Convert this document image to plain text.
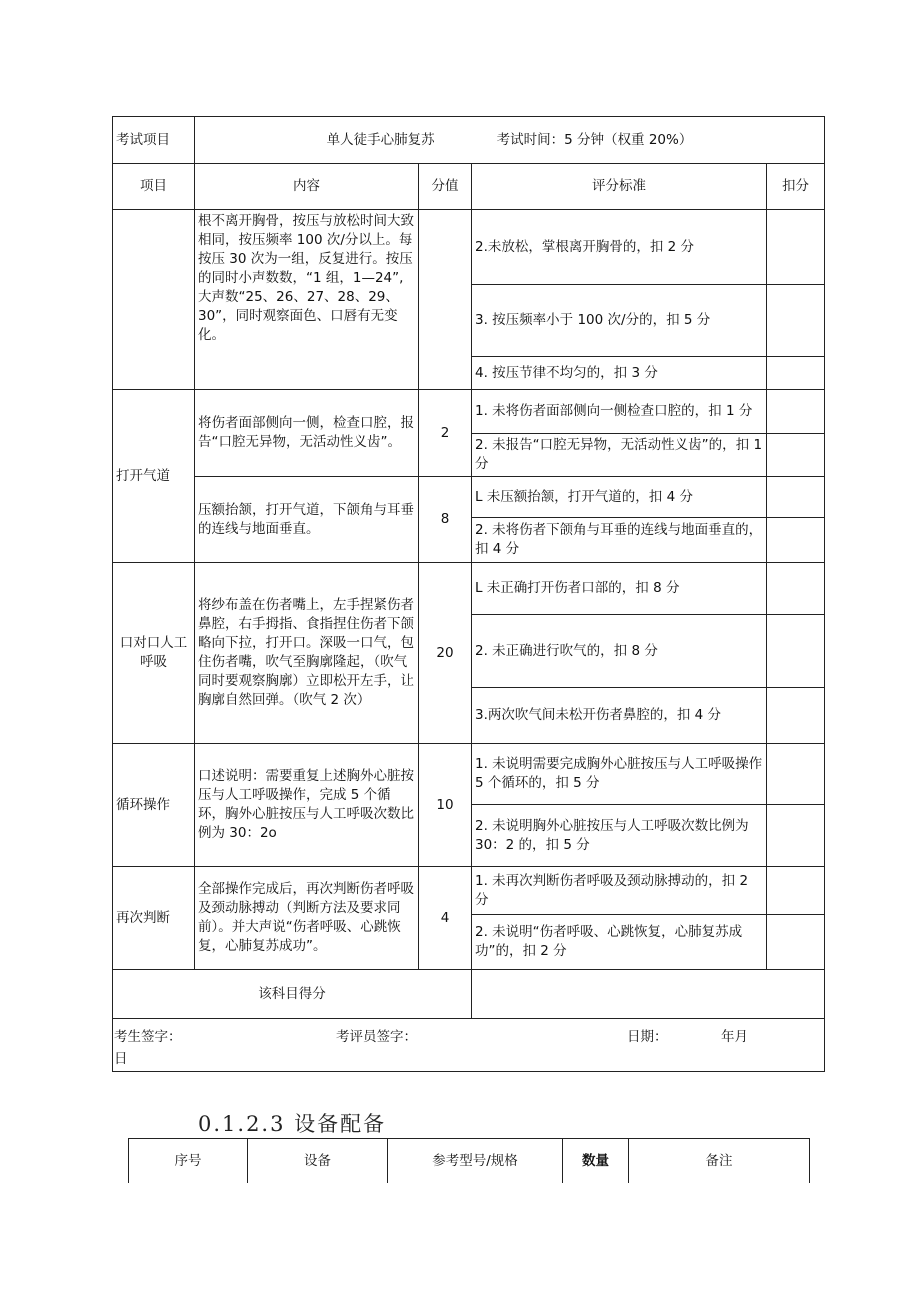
考试项目	单人徒手心肺复苏 考试时间：5 分钟（权重 20%）			
项目	内容	分值	评分标准	扣分
	根不离开胸骨，按压与放松时间大致相同，按压频率 100 次/分以上。每按压 30 次为一组，反复进行。按压的同时小声数数，“1 组，1—24”, 大声数“25、26、27、28、29、30”，同时观察面色、口唇有无变化。		2.未放松，掌根离开胸骨的，扣 2 分	
			3. 按压频率小于 100 次/分的，扣 5 分	
			4. 按压节律不均匀的，扣 3 分	
打开气道	将伤者面部侧向一侧，检查口腔，报告“口腔无异物，无活动性义齿”。	2	1. 未将伤者面部侧向一侧检查口腔的，扣 1 分	
			2. 未报告“口腔无异物，无活动性义齿”的，扣 1 分	
	压额抬颔，打开气道，下颌角与耳垂的连线与地面垂直。	8	L 未压额抬颔，打开气道的，扣 4 分	
			2. 未将伤者下颌角与耳垂的连线与地面垂直的，扣 4 分	
口对口人工呼吸	将纱布盖在伤者嘴上，左手捏紧伤者鼻腔，右手拇指、食指捏住伤者下颌略向下拉，打开口。深吸一口气，包住伤者嘴，吹气至胸廓隆起，（吹气同时要观察胸廓）立即松开左手，让胸廓自然回弹。（吹气 2 次）	20	L 未正确打开伤者口部的，扣 8 分	
			2. 未正确进行吹气的，扣 8 分	
			3.两次吹气间未松开伤者鼻腔的，扣 4 分	
循环操作	口述说明：需要重复上述胸外心脏按压与人工呼吸操作，完成 5 个循环，胸外心脏按压与人工呼吸次数比例为 30：2o	10	1. 未说明需要完成胸外心脏按压与人工呼吸操作 5 个循环的，扣 5 分	
			2. 未说明胸外心脏按压与人工呼吸次数比例为 30：2 的，扣 5 分	
再次判断	全部操作完成后，再次判断伤者呼吸及颈动脉搏动（判断方法及要求同前）。并大声说“伤者呼吸、心跳恢复，心肺复苏成功”。	4	1. 未再次判断伤者呼吸及颈动脉搏动的，扣 2 分	
			2. 未说明“伤者呼吸、心跳恢复，心肺复苏成功”的，扣 2 分	
该科目得分				

考生签字： 考评员签字： 日期： 年月
日				
0.1.2.3 设备配备
序号	设备	参考型号/规格	数量	备注
